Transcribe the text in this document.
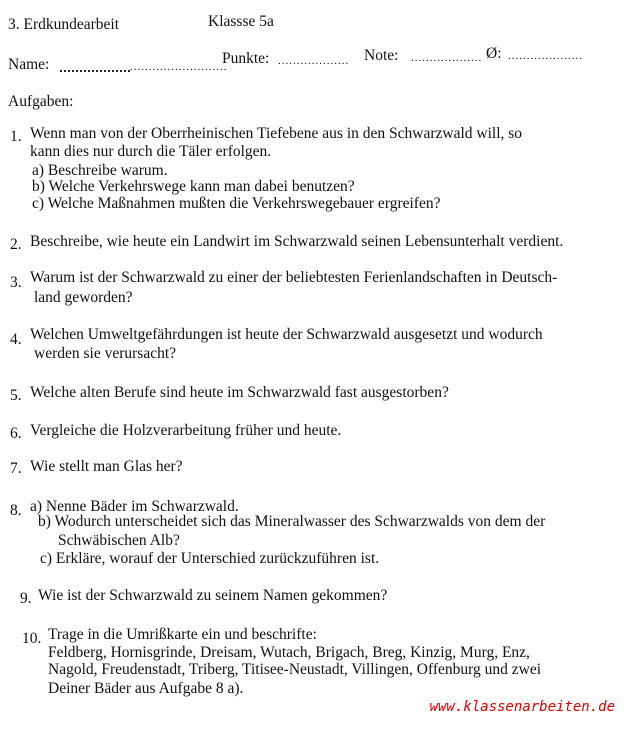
3. Erdkundearbeit	Klassse 5a
Name:	..........................
Punkte: ................... Note: ................... Ø: ....................
Aufgaben:
1. Wenn man von der Oberrheinischen Tiefebene aus in den Schwarzwald will, so
kann dies nur durch die Täler erfolgen.
a) Beschreibe warum.
b) Welche Verkehrswege kann man dabei benutzen?
c) Welche Maßnahmen mußten die Verkehrswegebauer ergreifen?
2. Beschreibe, wie heute ein Landwirt im Schwarzwald seinen Lebensunterhalt verdient.
3. Warum ist der Schwarzwald zu einer der beliebtesten Ferienlandschaften in Deutsch-
land geworden?
4. Welchen Umweltgefährdungen ist heute der Schwarzwald ausgesetzt und wodurch
werden sie verursacht?
5. Welche alten Berufe sind heute im Schwarzwald fast ausgestorben?
6. Vergleiche die Holzverarbeitung früher und heute.
7. Wie stellt man Glas her?
8. a) Nenne Bäder im Schwarzwald.
b) Wodurch unterscheidet sich das Mineralwasser des Schwarzwalds von dem der
Schwäbischen Alb?
c) Erkläre, worauf der Unterschied zurückzuführen ist.
9. Wie ist der Schwarzwald zu seinem Namen gekommen?
10. Trage in die Umrißkarte ein und beschrifte:
Feldberg, Hornisgrinde, Dreisam, Wutach, Brigach, Breg, Kinzig, Murg, Enz,
Nagold, Freudenstadt, Triberg, Titisee-Neustadt, Villingen, Offenburg und zwei
Deiner Bäder aus Aufgabe 8 a).
www.klassenarbeiten.de
